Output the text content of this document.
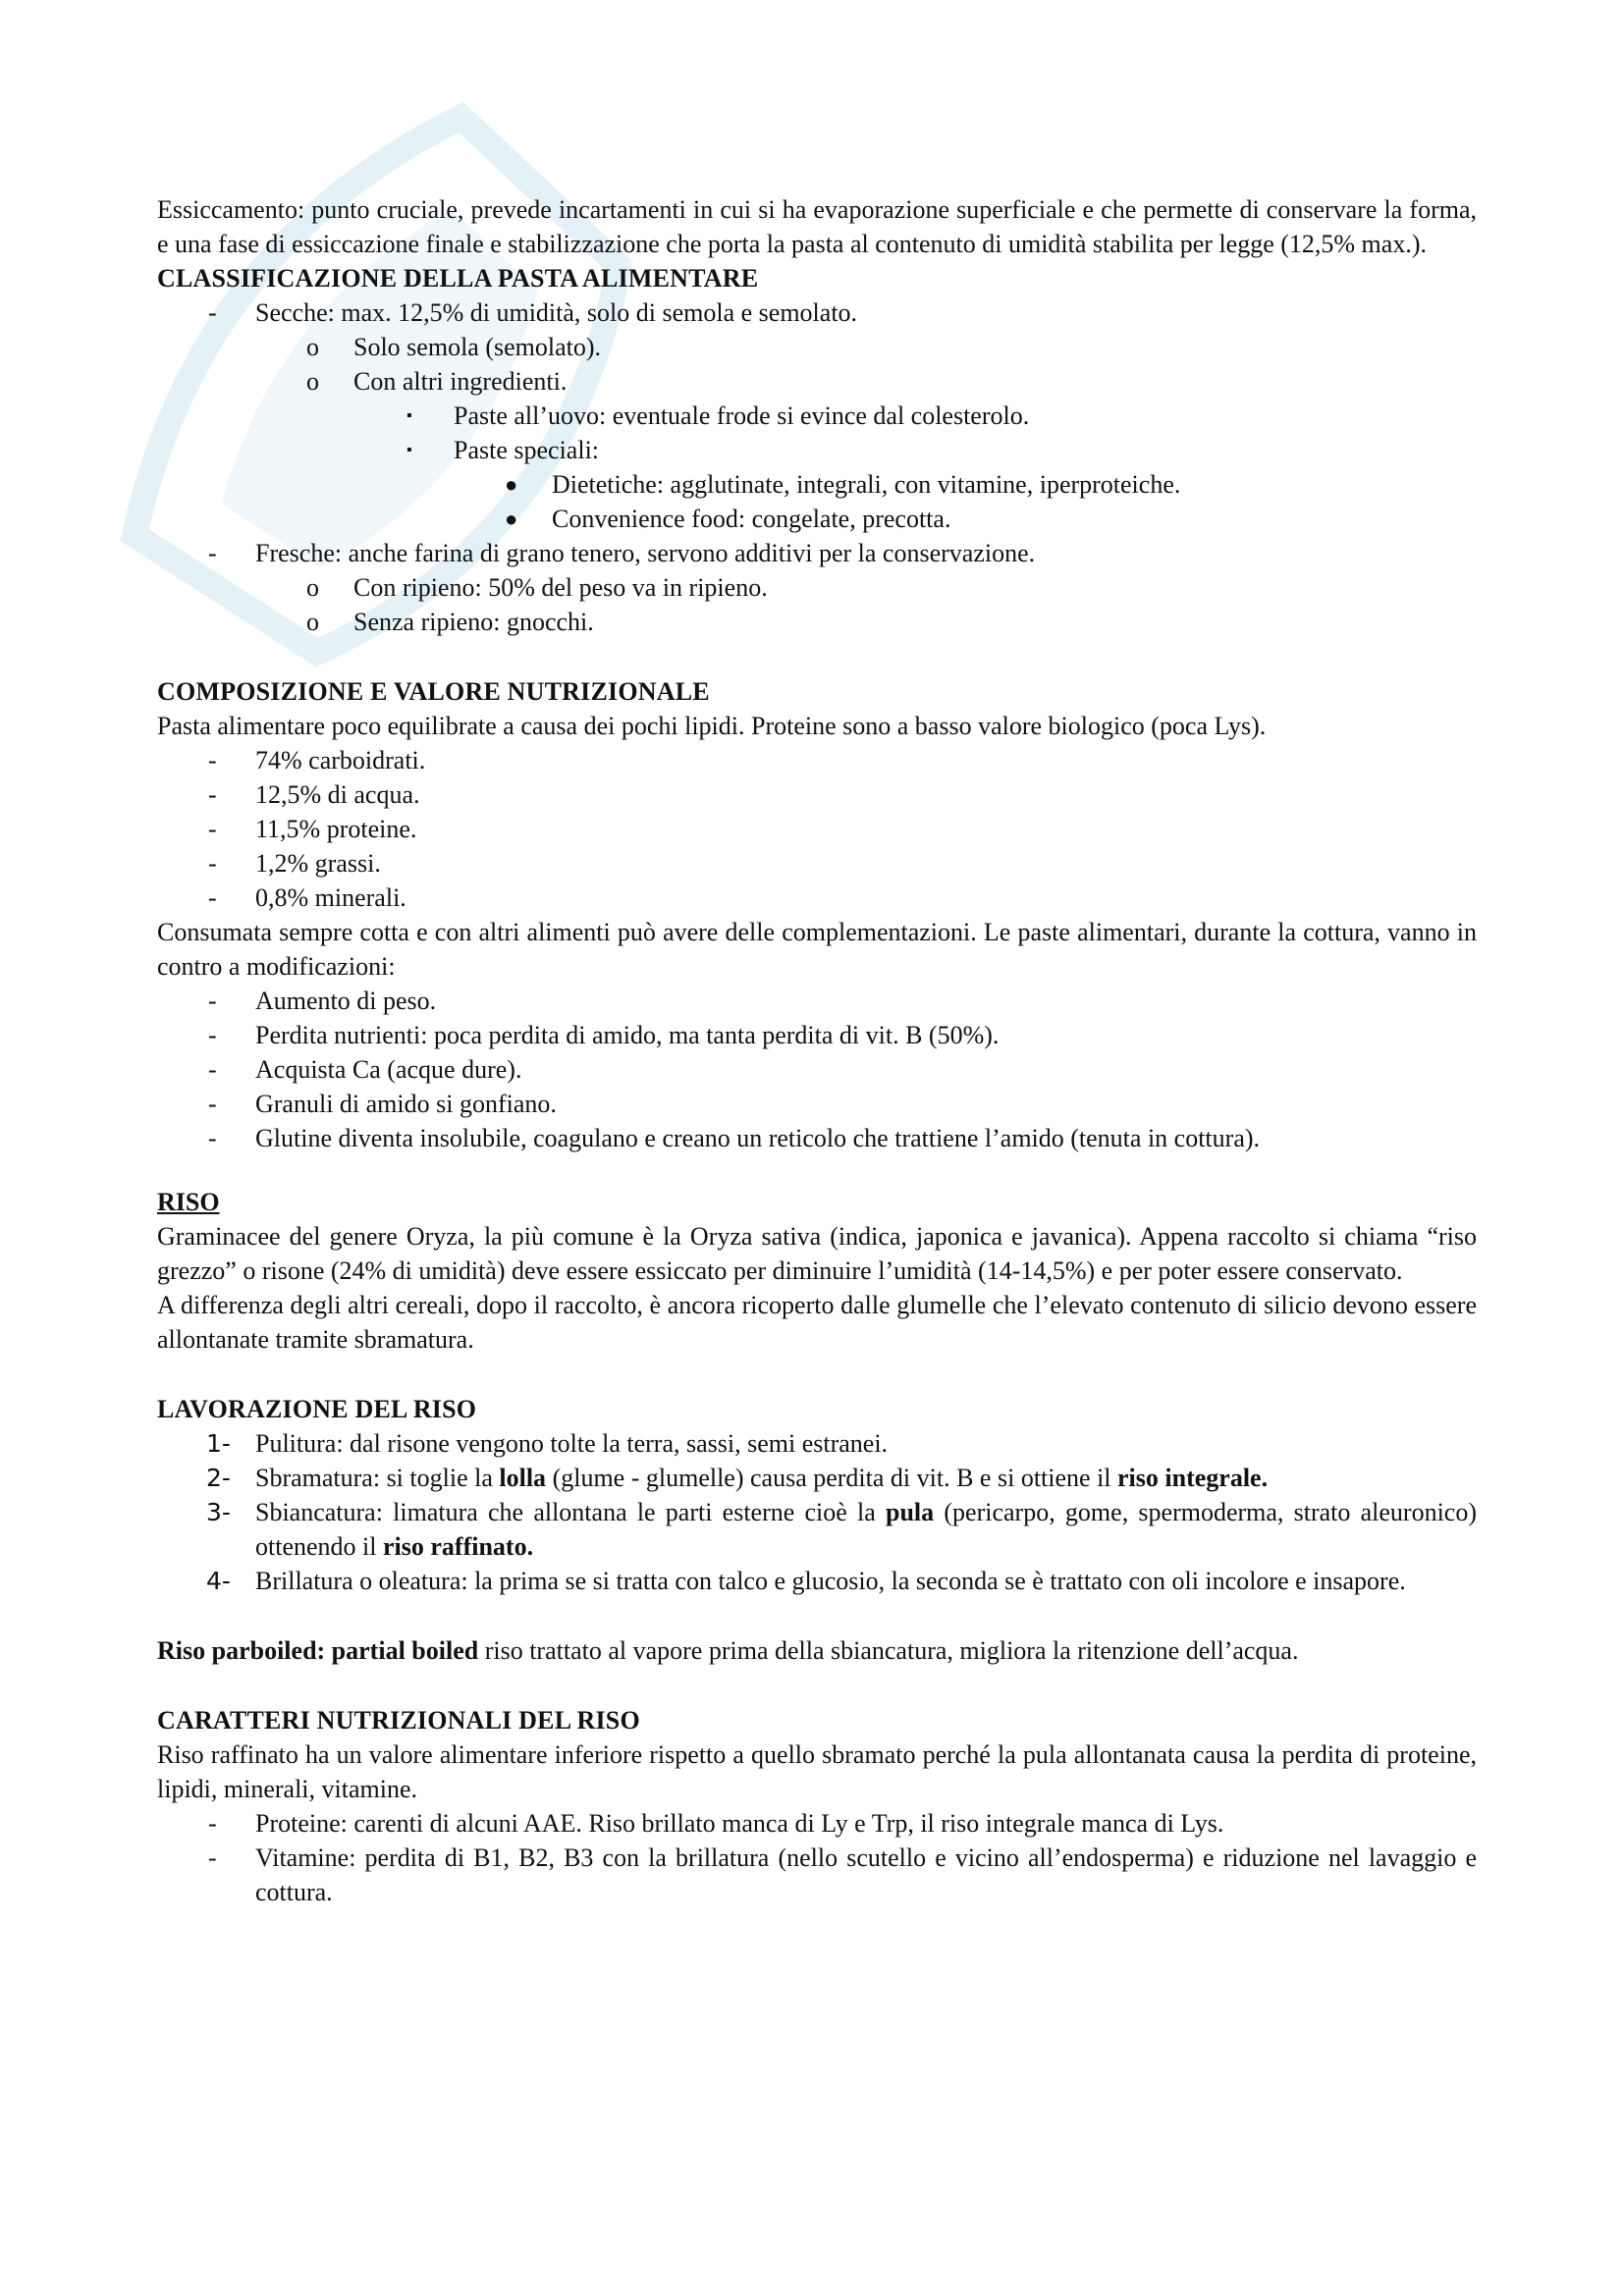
Essiccamento: punto cruciale, prevede incartamenti in cui si ha evaporazione superficiale e che permette di conservare la forma, e una fase di essiccazione finale e stabilizzazione che porta la pasta al contenuto di umidità stabilita per legge (12,5% max.).

CLASSIFICAZIONE DELLA PASTA ALIMENTARE
- Secche: max. 12,5% di umidità, solo di semola e semolato.
o Solo semola (semolato).
o Con altri ingredienti.
▪ Paste all’uovo: eventuale frode si evince dal colesterolo.
▪ Paste speciali:
● Dietetiche: agglutinate, integrali, con vitamine, iperproteiche.
● Convenience food: congelate, precotta.
- Fresche: anche farina di grano tenero, servono additivi per la conservazione.
o Con ripieno: 50% del peso va in ripieno.
o Senza ripieno: gnocchi.
COMPOSIZIONE E VALORE NUTRIZIONALE

Pasta alimentare poco equilibrate a causa dei pochi lipidi. Proteine sono a basso valore biologico (poca Lys).

- 74% carboidrati.
- 12,5% di acqua.
- 11,5% proteine.
- 1,2% grassi.
- 0,8% minerali.

Consumata sempre cotta e con altri alimenti può avere delle complementazioni. Le paste alimentari, durante la cottura, vanno in contro a modificazioni:

- Aumento di peso.
- Perdita nutrienti: poca perdita di amido, ma tanta perdita di vit. B (50%).
- Acquista Ca (acque dure).
- Granuli di amido si gonfiano.
- Glutine diventa insolubile, coagulano e creano un reticolo che trattiene l’amido (tenuta in cottura).
RISO

Graminacee del genere Oryza, la più comune è la Oryza sativa (indica, japonica e javanica). Appena raccolto si chiama “riso grezzo” o risone (24% di umidità) deve essere essiccato per diminuire l’umidità (14-14,5%) e per poter essere conservato.

A differenza degli altri cereali, dopo il raccolto, è ancora ricoperto dalle glumelle che l’elevato contenuto di silicio devono essere allontanate tramite sbramatura.

LAVORAZIONE DEL RISO
1- Pulitura: dal risone vengono tolte la terra, sassi, semi estranei.
2- Sbramatura: si toglie la lolla (glume - glumelle) causa perdita di vit. B e si ottiene il riso integrale.
3- Sbiancatura: limatura che allontana le parti esterne cioè la pula (pericarpo, gome, spermoderma, strato aleuronico) ottenendo il riso raffinato.
4- Brillatura o oleatura: la prima se si tratta con talco e glucosio, la seconda se è trattato con oli incolore e insapore.

Riso parboiled: partial boiled riso trattato al vapore prima della sbiancatura, migliora la ritenzione dell’acqua.

CARATTERI NUTRIZIONALI DEL RISO

Riso raffinato ha un valore alimentare inferiore rispetto a quello sbramato perché la pula allontanata causa la perdita di proteine, lipidi, minerali, vitamine.

- Proteine: carenti di alcuni AAE. Riso brillato manca di Ly e Trp, il riso integrale manca di Lys.
- Vitamine: perdita di B1, B2, B3 con la brillatura (nello scutello e vicino all’endosperma) e riduzione nel lavaggio e cottura.
